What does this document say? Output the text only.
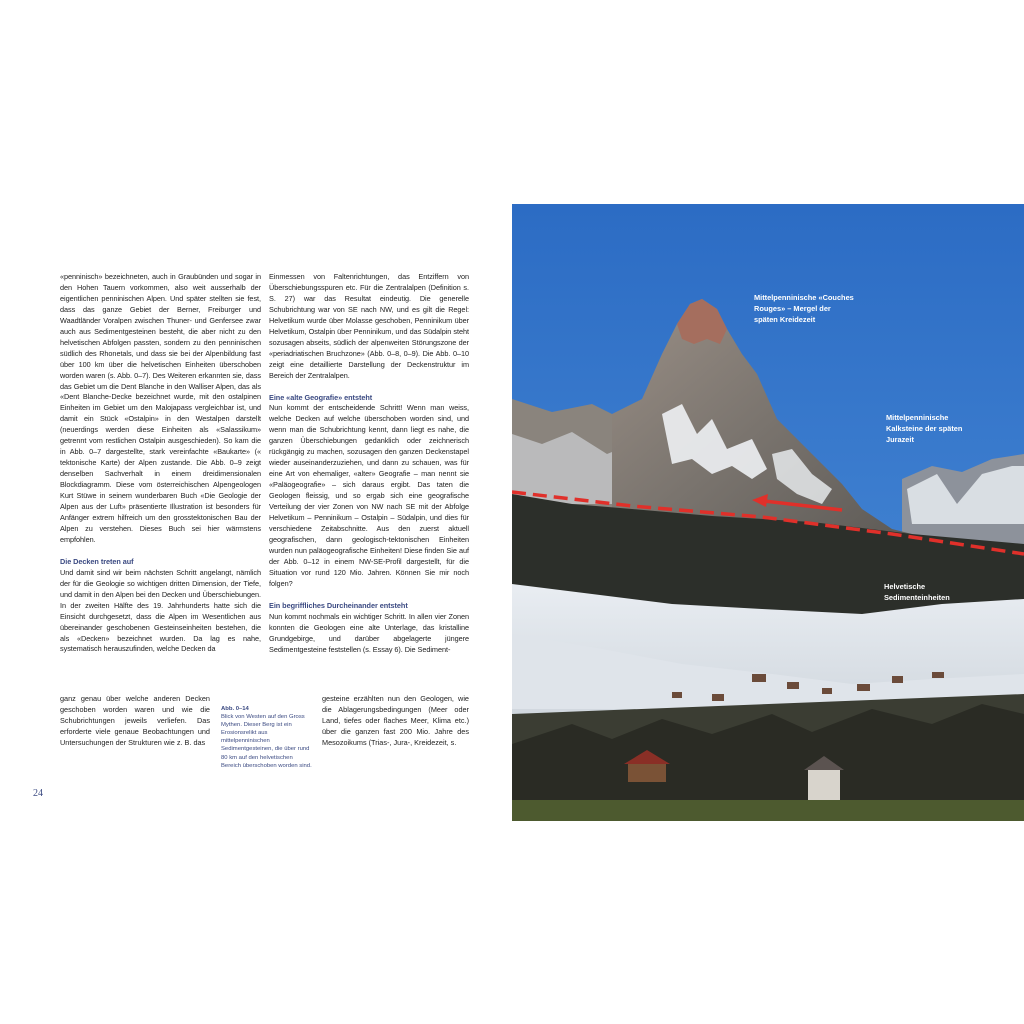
«penninisch» bezeichneten, auch in Graubünden und sogar in den Hohen Tauern vorkommen, also weit ausserhalb der eigentlichen penninischen Alpen. Und später stellten sie fest, dass das ganze Gebiet der Berner, Freiburger und Waadtländer Voralpen zwischen Thuner- und Genfersee zwar auch aus Sedimentgesteinen besteht, die aber nicht zu den helvetischen Abfolgen passten, sondern zu den penninischen südlich des Rhonetals, und dass sie bei der Alpenbildung fast über 100 km über die helvetischen Einheiten überschoben worden waren (s. Abb. 0–7). Des Weiteren erkannten sie, dass das Gebiet um die Dent Blanche in den Walliser Alpen, das als «Dent Blanche-Decke bezeichnet wurde, mit den ostalpinen Einheiten im Gebiet um den Malojapass vergleichbar ist, und damit ein Stück «Ostalpin» in den Westalpen darstellt (neuerdings werden diese Einheiten als «Salassikum» getrennt vom restlichen Ostalpin ausgeschieden). So kam die in Abb. 0–7 dargestellte, stark vereinfachte «Baukarte» (« tektonische Karte) der Alpen zustande. Die Abb. 0–9 zeigt denselben Sachverhalt in einem dreidimensionalen Blockdiagramm. Diese vom österreichischen Alpengeologen Kurt Stüwe in seinem wunderbaren Buch «Die Geologie der Alpen aus der Luft» präsentierte Illustration ist besonders für Anfänger extrem hilfreich um den grosstektonischen Bau der Alpen zu verstehen. Dieses Buch sei hier wärmstens empfohlen.

Die Decken treten auf

Und damit sind wir beim nächsten Schritt angelangt, nämlich der für die Geologie so wichtigen dritten Dimension, der Tiefe, und damit in den Alpen bei den Decken und Überschiebungen. In der zweiten Hälfte des 19. Jahrhunderts hatte sich die Einsicht durchgesetzt, dass die Alpen im Wesentlichen aus übereinander geschobenen Gesteinseinheiten bestehen, die als «Decken» bezeichnet wurden. Da lag es nahe, systematisch herauszufinden, welche Decken da

ganz genau über welche anderen Decken geschoben worden waren und wie die Schubrichtungen jeweils verliefen. Das erforderte viele genaue Beobachtungen und Untersuchungen der Strukturen wie z. B. das

Einmessen von Faltenrichtungen, das Entziffern von Überschiebungsspuren etc. Für die Zentralalpen (Definition s. S. 27) war das Resultat eindeutig. Die generelle Schubrichtung war von SE nach NW, und es gilt die Regel: Helvetikum wurde über Molasse geschoben, Penninikum über Helvetikum, Ostalpin über Penninikum, und das Südalpin steht sozusagen abseits, südlich der alpenweiten Störungszone der «periadriatischen Bruchzone» (Abb. 0–8, 0–9). Die Abb. 0–10 zeigt eine detaillierte Darstellung der Deckenstruktur im Bereich der Zentralalpen.

Eine «alte Geografie» entsteht

Nun kommt der entscheidende Schritt! Wenn man weiss, welche Decken auf welche überschoben worden sind, und wenn man die Schubrichtung kennt, dann liegt es nahe, die ganzen Überschiebungen gedanklich oder zeichnerisch rückgängig zu machen, sozusagen den ganzen Deckenstapel wieder auseinanderzuziehen, und dann zu schauen, was für eine Art von ehemaliger, «alter» Geografie – man nennt sie «Paläogeografie» – sich daraus ergibt. Das taten die Geologen fleissig, und so ergab sich eine geografische Verteilung der vier Zonen von NW nach SE mit der Abfolge Helvetikum – Penninikum – Ostalpin – Südalpin, und dies für verschiedene Zeitabschnitte. Aus den zuerst aktuell geografischen, dann geologisch-tektonischen Einheiten wurden nun paläogeografische Einheiten! Diese finden Sie auf der Abb. 0–12 in einem NW-SE-Profil dargestellt, für die Situation vor rund 120 Mio. Jahren. Können Sie mir noch folgen?

Ein begriffliches Durcheinander entsteht

Nun kommt nochmals ein wichtiger Schritt. In allen vier Zonen konnten die Geologen eine alte Unterlage, das kristalline Grundgebirge, und darüber abgelagerte jüngere Sedimentgesteine feststellen (s. Essay 6). Die Sediment-

gesteine erzählten nun den Geologen, wie die Ablagerungsbedingungen (Meer oder Land, tiefes oder flaches Meer, Klima etc.) über die ganzen fast 200 Mio. Jahre des Mesozoikums (Trias-, Jura-, Kreidezeit, s.
Abb. 0–14
Blick von Westen auf den Gross Mythen. Dieser Berg ist ein Erosionsrelikt aus mittelpenninischen Sedimentgesteinen, die über rund 80 km auf den helvetischen Bereich überschoben worden sind.
24
Mittelpenninische «Couches Rouges» – Mergel der späten Kreidezeit
Mittelpenninische Kalksteine der späten Jurazeit
Helvetische Sedimenteinheiten
